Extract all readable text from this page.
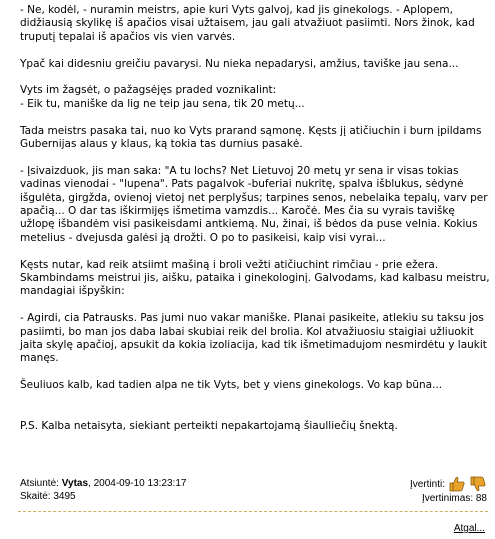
- Ne, kodėl, - nuramin meistrs, apie kuri Vyts galvoj, kad jis ginekologs. - Aplopem, didžiausią skylikę iš apačios visai užtaisem, jau gali atvažiuot pasiimti. Nors žinok, kad truputį tepalai iš apačios vis vien varvės.

Ypač kai didesniu greičiu pavarysi. Nu nieka nepadarysi, amžius, taviške jau sena...

Vyts im žagsėt, o pažagsėjęs praded voznikalint:
- Eik tu, maniške da lig ne teip jau sena, tik 20 metų...

Tada meistrs pasaka tai, nuo ko Vyts prarand sąmonę. Kęsts jį atičiuchin i burn įpildams Gubernijas alaus y klaus, ką tokia tas durnius pasakė.

- Įsivaizduok, jis man saka: "A tu lochs? Net Lietuvoj 20 metų yr sena ir visas tokias vadinas vienodai - "lupena". Pats pagalvok -buferiai nukritę, spalva išblukus, sėdynė išgulėta, girgžda, ovienoj vietoj net perplyšus; tarpines senos, nebelaika tepalų, varv per apačią... O dar tas iškirmijęs išmetima vamzdis... Karočė. Mes čia su vyrais taviškę užlopę išbandėm visi pasikeisdami antkiemą. Nu, žinai, iš bėdos da puse velnia. Kokius metelius - dvejusda galėsi ją drožti. O po to pasikeisi, kaip visi vyrai...

Kęsts nutar, kad reik atsiimt mašiną i broli vežti atičiuchint rimčiau - prie ežera. Skambindams meistrui jis, aišku, pataika i ginekologinį. Galvodams, kad kalbasu meistru, mandagiai išpyškin:

- Agirdi, cia Patrausks. Pas jumi nuo vakar maniške. Planai pasikeite, atlekiu su taksu jos pasiimti, bo man jos daba labai skubiai reik del brolia. Kol atvažiuosiu staigiai užliuokit jaita skylę apačioj, apsukit da kokia izoliacija, kad tik išmetimadujom nesmirdėtu y laukit manęs.

Šeuliuos kalb, kad tadien alpa ne tik Vyts, bet y viens ginekologs. Vo kap būna...

P.S. Kalba netaisyta, siekiant perteikti nepakartojamą šiaulliečių šnektą.

Atsiuntė: Vytas, 2004-09-10 13:23:17
Skaitė: 3495
Įvertinti:
Įvertinimas: 88
Atgal...
